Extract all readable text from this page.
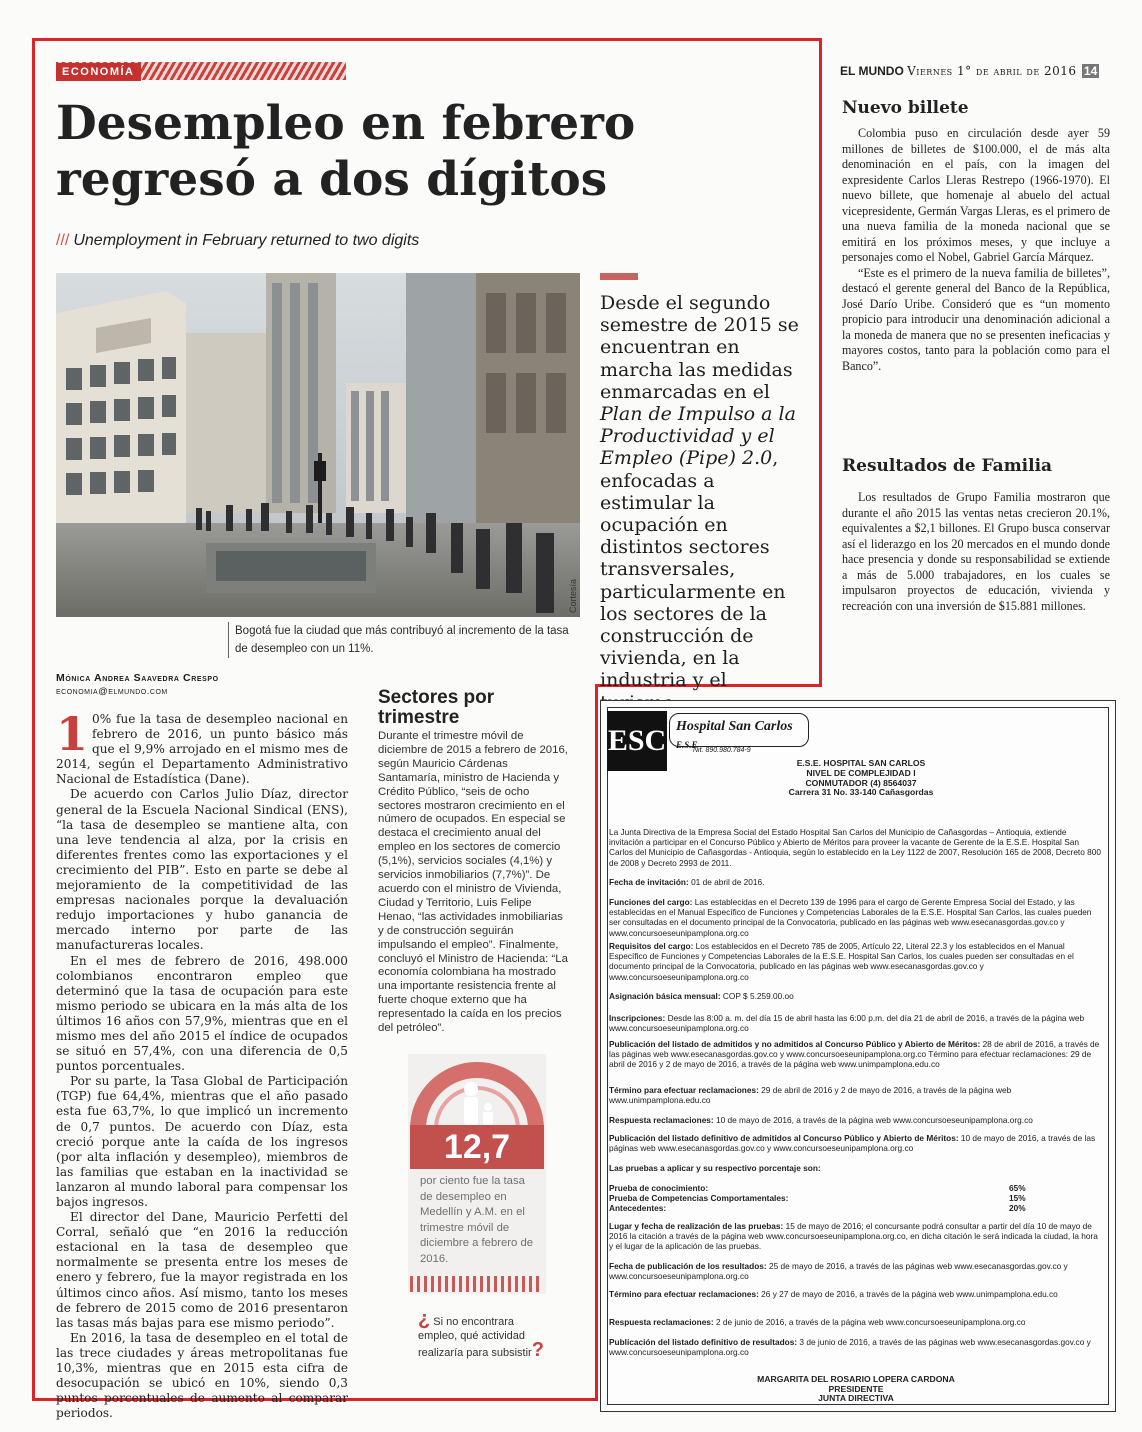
ECONOMÍA
Desempleo en febrero regresó a dos dígitos
/// Unemployment in February returned to two digits
Cortesía
Bogotá fue la ciudad que más contribuyó al incremento de la tasa de desempleo con un 11%.
Desde el segundo semestre de 2015 se encuentran en marcha las medidas enmarcadas en el Plan de Impulso a la Productividad y el Empleo (Pipe) 2.0, enfocadas a estimular la ocupación en distintos sectores transversales, particularmente en los sectores de la construcción de vivienda, en la industria y el
Mónica Andrea Saavedra Crespo
economia@elmundo.com

1 0% fue la tasa de desempleo nacional en febrero de 2016, un punto básico más que el 9,9% arrojado en el mismo mes de 2014, según el Departamento Administrativo Nacional de Estadística (Dane).

De acuerdo con Carlos Julio Díaz, director general de la Escuela Nacional Sindical (ENS), “la tasa de desempleo se mantiene alta, con una leve tendencia al alza, por la crisis en diferentes frentes como las exportaciones y el crecimiento del PIB”. Esto en parte se debe al mejoramiento de la competitividad de las empresas nacionales porque la devaluación redujo importaciones y hubo ganancia de mercado interno por parte de las manufactureras locales.

En el mes de febrero de 2016, 498.000 colombianos encontraron empleo que determinó que la tasa de ocupación para este mismo periodo se ubicara en la más alta de los últimos 16 años con 57,9%, mientras que en el mismo mes del año 2015 el índice de ocupados se situó en 57,4%, con una diferencia de 0,5 puntos porcentuales.

Por su parte, la Tasa Global de Participación (TGP) fue 64,4%, mientras que el año pasado esta fue 63,7%, lo que implicó un incremento de 0,7 puntos. De acuerdo con Díaz, esta creció porque ante la caída de los ingresos (por alta inflación y desempleo), miembros de las familias que estaban en la inactividad se lanzaron al mundo laboral para compensar los bajos ingresos.

El director del Dane, Mauricio Perfetti del Corral, señaló que “en 2016 la reducción estacional en la tasa de desempleo que normalmente se presenta entre los meses de enero y febrero, fue la mayor registrada en los últimos cinco años. Así mismo, tanto los meses de febrero de 2015 como de 2016 presentaron las tasas más bajas para ese mismo periodo”.

En 2016, la tasa de desempleo en el total de las trece ciudades y áreas metropolitanas fue 10,3%, mientras que en 2015 esta cifra de desocupación se ubicó en 10%, siendo 0,3 puntos porcentuales de aumento al comparar periodos.

Sectores por trimestre
Durante el trimestre móvil de diciembre de 2015 a febrero de 2016, según Mauricio Cárdenas Santamaría, ministro de Hacienda y Crédito Público, “seis de ocho sectores mostraron crecimiento en el número de ocupados. En especial se destaca el crecimiento anual del empleo en los sectores de comercio (5,1%), servicios sociales (4,1%) y servicios inmobiliarios (7,7%)”. De acuerdo con el ministro de Vivienda, Ciudad y Territorio, Luis Felipe Henao, “las actividades inmobiliarias y de construcción seguirán impulsando el empleo”. Finalmente, concluyó el Ministro de Hacienda: “La economía colombiana ha mostrado una importante resistencia frente al fuerte choque externo que ha representado la caída en los precios del petróleo”.
12,7
por ciento fue la tasa de desempleo en Medellín y A.M. en el trimestre móvil de diciembre a febrero de 2016.
¿ Si no encontrara empleo, qué actividad realizaría para subsistir?
EL MUNDO Viernes 1° de abril de 2016 14
Nuevo billete

Colombia puso en circulación desde ayer 59 millones de billetes de $100.000, el de más alta denominación en el país, con la imagen del expresidente Carlos Lleras Restrepo (1966-1970). El nuevo billete, que homenaje al abuelo del actual vicepresidente, Germán Vargas Lleras, es el primero de una nueva familia de la moneda nacional que se emitirá en los próximos meses, y que incluye a personajes como el Nobel, Gabriel García Márquez.

“Este es el primero de la nueva familia de billetes”, destacó el gerente general del Banco de la República, José Darío Uribe. Consideró que es “un momento propicio para introducir una denominación adicional a la moneda de manera que no se presenten ineficacias y mayores costos, tanto para la población como para el Banco”.

Resultados de Familia

Los resultados de Grupo Familia mostraron que durante el año 2015 las ventas netas crecieron 20.1%, equivalentes a $2,1 billones. El Grupo busca conservar así el liderazgo en los 20 mercados en el mundo donde hace presencia y donde su responsabilidad se extiende a más de 5.000 trabajadores, en los cuales se impulsaron proyectos de educación, vivienda y recreación con una inversión de $15.881 millones.

ESC Hospital San Carlos E.S.E
Nit. 890.980.784-9
E.S.E. HOSPITAL SAN CARLOS
NIVEL DE COMPLEJIDAD I
CONMUTADOR (4) 8564037
Carrera 31 No. 33-140 Cañasgordas
La Junta Directiva de la Empresa Social del Estado Hospital San Carlos del Municipio de Cañasgordas – Antioquia, extiende invitación a participar en el Concurso Público y Abierto de Méritos para proveer la vacante de Gerente de la E.S.E. Hospital San Carlos del Municipio de Cañasgordas - Antioquia, según lo establecido en la Ley 1122 de 2007, Resolución 165 de 2008, Decreto 800 de 2008 y Decreto 2993 de 2011.
Fecha de invitación: 01 de abril de 2016.
Funciones del cargo: Las establecidas en el Decreto 139 de 1996 para el cargo de Gerente Empresa Social del Estado, y las establecidas en el Manual Específico de Funciones y Competencias Laborales de la E.S.E. Hospital San Carlos, las cuales pueden ser consultadas en el documento principal de la Convocatoria, publicado en las páginas web www.esecanasgordas.gov.co y www.concursoeseunipamplona.org.co
Requisitos del cargo: Los establecidos en el Decreto 785 de 2005, Artículo 22, Literal 22.3 y los establecidos en el Manual Específico de Funciones y Competencias Laborales de la E.S.E. Hospital San Carlos, los cuales pueden ser consultadas en el documento principal de la Convocatoria, publicado en las páginas web www.esecanasgordas.gov.co y www.concursoeseunipamplona.org.co
Asignación básica mensual: COP $ 5.259.00.oo
Inscripciones: Desde las 8:00 a. m. del día 15 de abril hasta las 6:00 p.m. del día 21 de abril de 2016, a través de la página web www.concursoeseunipamplona.org.co
Publicación del listado de admitidos y no admitidos al Concurso Público y Abierto de Méritos: 28 de abril de 2016, a través de las páginas web www.esecanasgordas.gov.co y www.concursoeseunipamplona.org.co Término para efectuar reclamaciones: 29 de abril de 2016 y 2 de mayo de 2016, a través de la página web www.unimpamplona.edu.co
Término para efectuar reclamaciones: 29 de abril de 2016 y 2 de mayo de 2016, a través de la página web www.unimpamplona.edu.co
Respuesta reclamaciones: 10 de mayo de 2016, a través de la página web www.concursoeseunipamplona.org.co
Publicación del listado definitivo de admitidos al Concurso Público y Abierto de Méritos: 10 de mayo de 2016, a través de las páginas web www.esecanasgordas.gov.co y www.concursoeseunipamplona.org.co
Las pruebas a aplicar y su respectivo porcentaje son:
Prueba de conocimiento:	65%
Prueba de Competencias Comportamentales:	15%
Antecedentes:	20%
Lugar y fecha de realización de las pruebas: 15 de mayo de 2016; el concursante podrá consultar a partir del día 10 de mayo de 2016 la citación a través de la página web www.concursoeseunipamplona.org.co, en dicha citación le será indicada la ciudad, la hora y el lugar de la aplicación de las pruebas.
Fecha de publicación de los resultados: 25 de mayo de 2016, a través de las páginas web www.esecanasgordas.gov.co y www.concursoeseunipamplona.org.co
Término para efectuar reclamaciones: 26 y 27 de mayo de 2016, a través de la página web www.unimpamplona.edu.co
Respuesta reclamaciones: 2 de junio de 2016, a través de la página web www.concursoeseunipamplona.org.co
Publicación del listado definitivo de resultados: 3 de junio de 2016, a través de las páginas web www.esecanasgordas.gov.co y www.concursoeseunipamplona.org.co
MARGARITA DEL ROSARIO LOPERA CARDONA
PRESIDENTE
JUNTA DIRECTIVA
